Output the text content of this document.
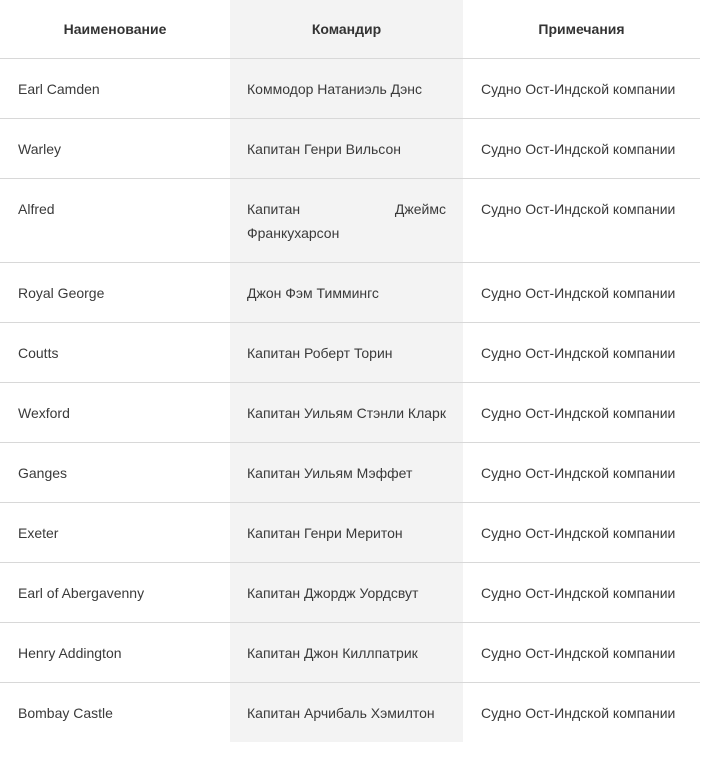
Наименование	Командир	Примечания
Earl Camden	Коммодор Натаниэль Дэнс	Судно Ост-Индской компании
Warley	Капитан Генри Вильсон	Судно Ост-Индской компании
Alfred	Капитан Джеймс Франкухарсон	Судно Ост-Индской компании
Royal George	Джон Фэм Тиммингс	Судно Ост-Индской компании
Coutts	Капитан Роберт Торин	Судно Ост-Индской компании
Wexford	Капитан Уильям Стэнли Кларк	Судно Ост-Индской компании
Ganges	Капитан Уильям Мэффет	Судно Ост-Индской компании
Exeter	Капитан Генри Меритон	Судно Ост-Индской компании
Earl of Abergavenny	Капитан Джордж Уордсвут	Судно Ост-Индской компании
Henry Addington	Капитан Джон Киллпатрик	Судно Ост-Индской компании
Bombay Castle	Капитан Арчибаль Хэмилтон	Судно Ост-Индской компании
